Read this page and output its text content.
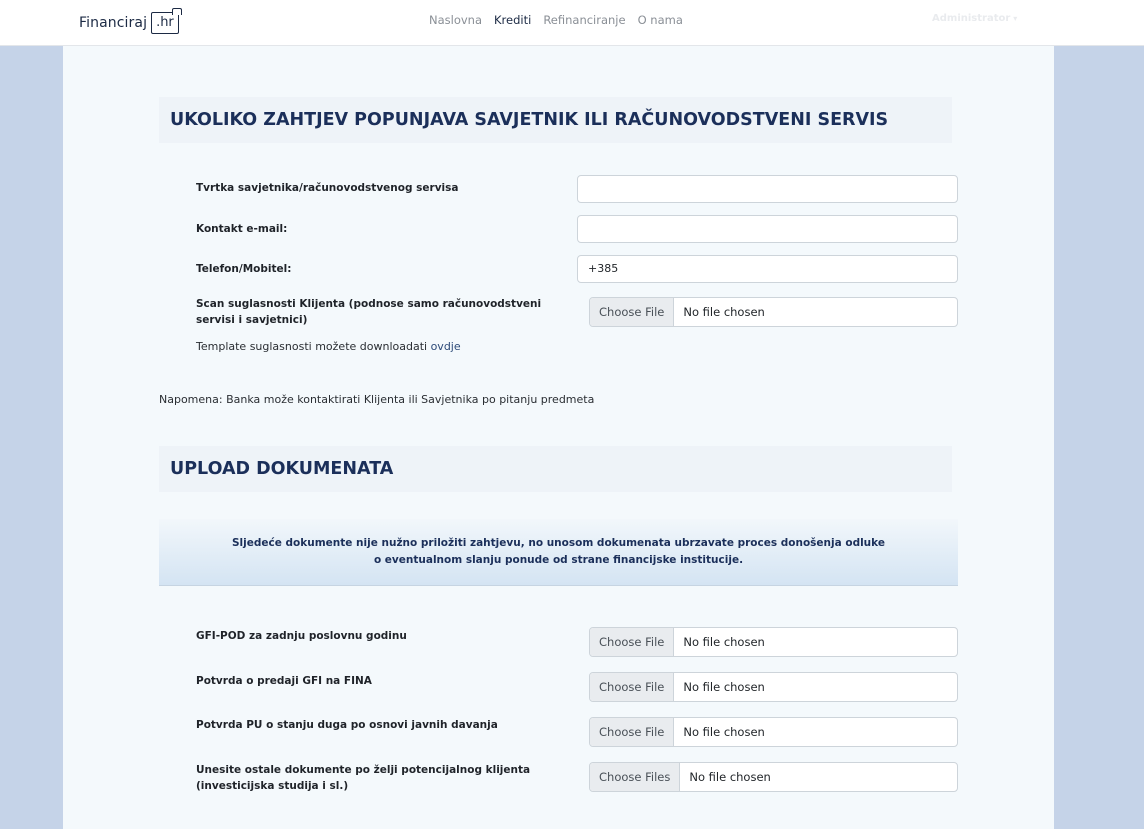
Financiraj .hr	Naslovna Krediti Refinanciranje O nama	Administrator ▾
UKOLIKO ZAHTJEV POPUNJAVA SAVJETNIK ILI RAČUNOVODSTVENI SERVIS
Tvrtka savjetnika/računovodstvenog servisa
Kontakt e-mail:
Telefon/Mobitel:	+385
Scan suglasnosti Klijenta (podnose samo računovodstveni
servisi i savjetnici)
Choose File	No file chosen
Template suglasnosti možete downloadati ovdje
Napomena: Banka može kontaktirati Klijenta ili Savjetnika po pitanju predmeta
UPLOAD DOKUMENATA
Sljedeće dokumente nije nužno priložiti zahtjevu, no unosom dokumenata ubrzavate proces donošenja odluke
o eventualnom slanju ponude od strane financijske institucije.
GFI-POD za zadnju poslovnu godinu	Choose File	No file chosen
Potvrda o predaji GFI na FINA	Choose File	No file chosen
Potvrda PU o stanju duga po osnovi javnih davanja	Choose File	No file chosen
Unesite ostale dokumente po želji potencijalnog klijenta
(investicijska studija i sl.)
Choose Files	No file chosen
